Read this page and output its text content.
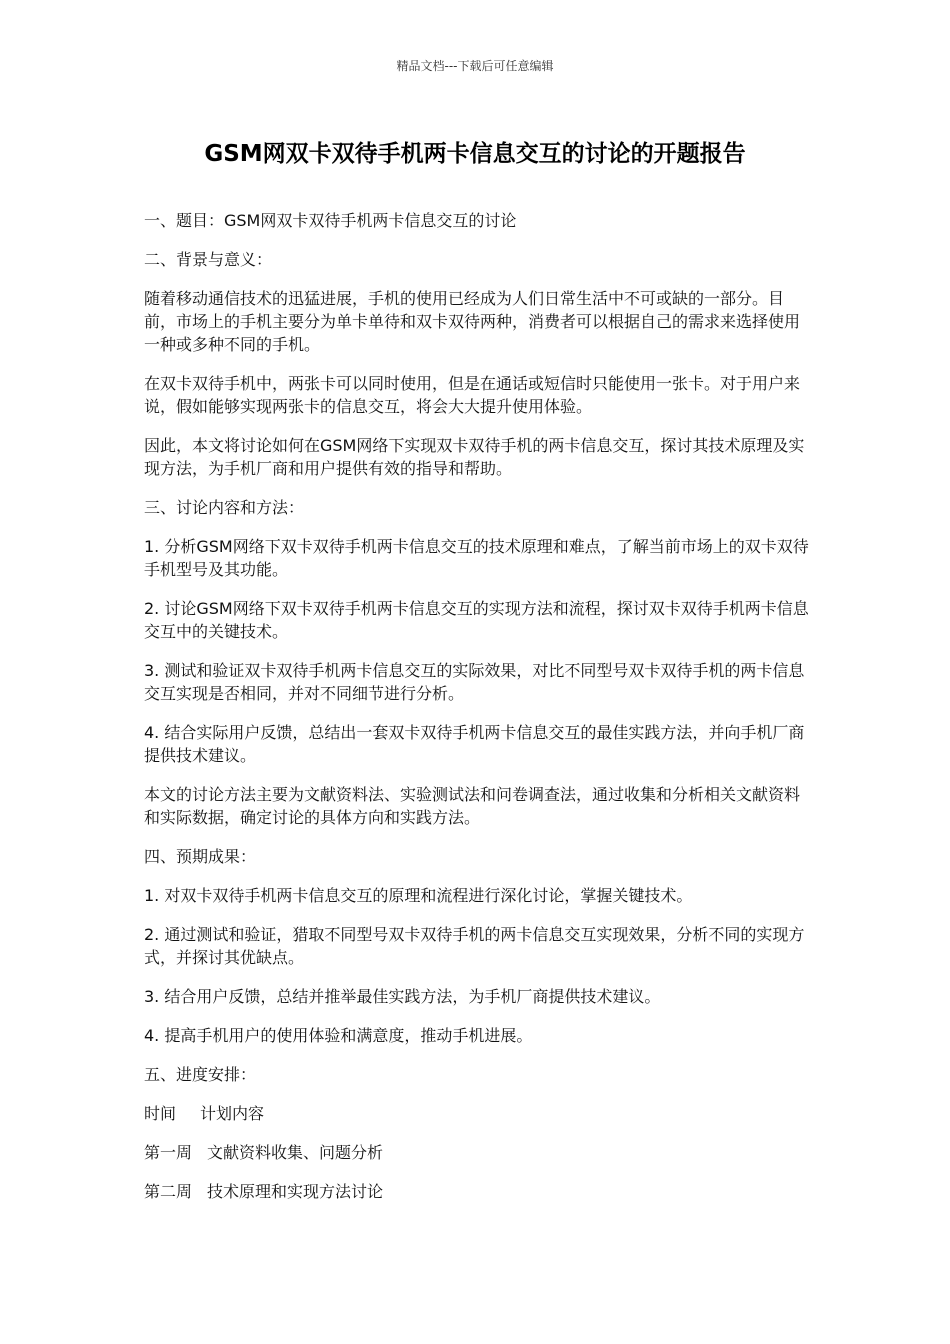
精品文档---下载后可任意编辑
GSM网双卡双待手机两卡信息交互的讨论的开题报告

一、题目：GSM网双卡双待手机两卡信息交互的讨论

二、背景与意义：

随着移动通信技术的迅猛进展，手机的使用已经成为人们日常生活中不可或缺的一部分。目前，市场上的手机主要分为单卡单待和双卡双待两种，消费者可以根据自己的需求来选择使用一种或多种不同的手机。

在双卡双待手机中，两张卡可以同时使用，但是在通话或短信时只能使用一张卡。对于用户来说，假如能够实现两张卡的信息交互，将会大大提升使用体验。

因此，本文将讨论如何在GSM网络下实现双卡双待手机的两卡信息交互，探讨其技术原理及实现方法，为手机厂商和用户提供有效的指导和帮助。

三、讨论内容和方法：

1. 分析GSM网络下双卡双待手机两卡信息交互的技术原理和难点，了解当前市场上的双卡双待手机型号及其功能。

2. 讨论GSM网络下双卡双待手机两卡信息交互的实现方法和流程，探讨双卡双待手机两卡信息交互中的关键技术。

3. 测试和验证双卡双待手机两卡信息交互的实际效果，对比不同型号双卡双待手机的两卡信息交互实现是否相同，并对不同细节进行分析。

4. 结合实际用户反馈，总结出一套双卡双待手机两卡信息交互的最佳实践方法，并向手机厂商提供技术建议。

本文的讨论方法主要为文献资料法、实验测试法和问卷调查法，通过收集和分析相关文献资料和实际数据，确定讨论的具体方向和实践方法。

四、预期成果：

1. 对双卡双待手机两卡信息交互的原理和流程进行深化讨论，掌握关键技术。

2. 通过测试和验证，猎取不同型号双卡双待手机的两卡信息交互实现效果，分析不同的实现方式，并探讨其优缺点。

3. 结合用户反馈，总结并推举最佳实践方法，为手机厂商提供技术建议。

4. 提高手机用户的使用体验和满意度，推动手机进展。

五、进度安排：

时间 计划内容
第一周 文献资料收集、问题分析
第二周 技术原理和实现方法讨论
